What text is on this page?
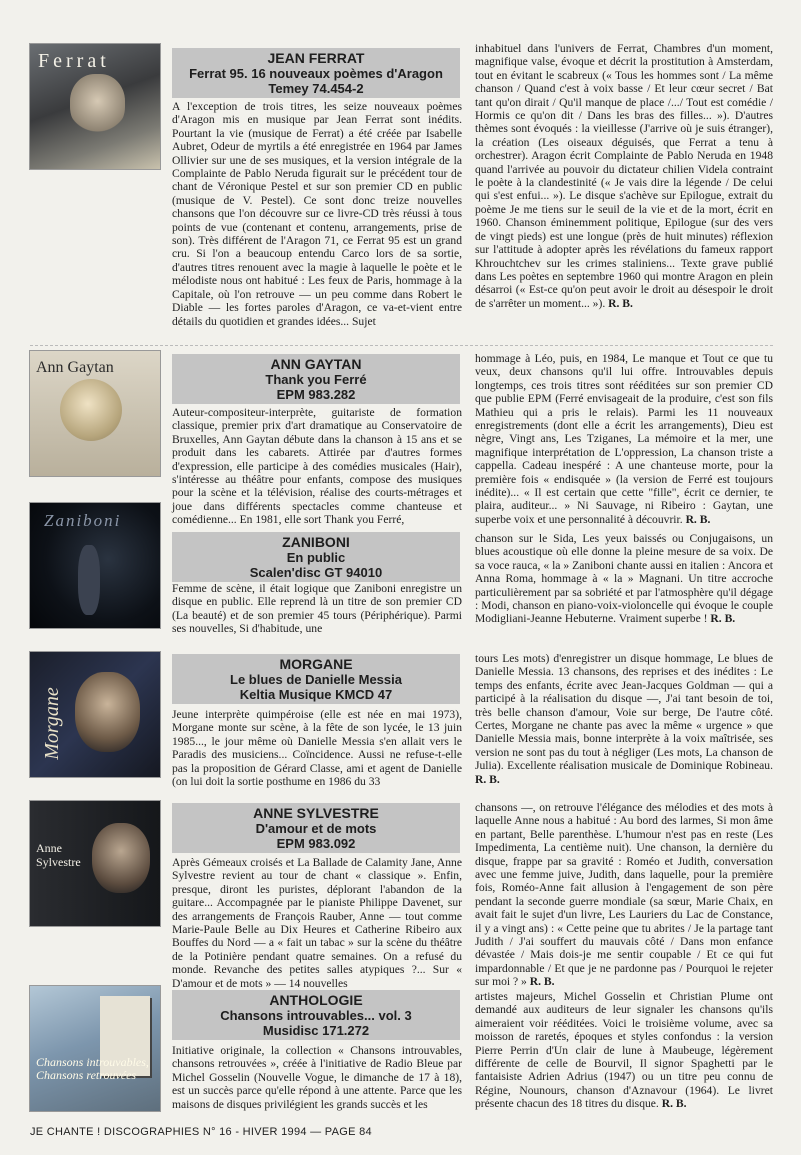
Ferrat	JEAN FERRAT
Ferrat 95. 16 nouveaux poèmes d'Aragon
Temey 74.454-2
A l'exception de trois titres, les seize nouveaux poèmes d'Aragon mis en musique par Jean Ferrat sont inédits. Pourtant la vie (musique de Ferrat) a été créée par Isabelle Aubret, Odeur de myrtils a été enregistrée en 1964 par James Ollivier sur une de ses musiques, et la version intégrale de la Complainte de Pablo Neruda figurait sur le précédent tour de chant de Véronique Pestel et sur son premier CD en public (musique de V. Pestel). Ce sont donc treize nouvelles chansons que l'on découvre sur ce livre-CD très réussi à tous points de vue (contenant et contenu, arrangements, prise de son). Très différent de l'Aragon 71, ce Ferrat 95 est un grand cru. Si l'on a beaucoup entendu Carco lors de sa sortie, d'autres titres renouent avec la magie à laquelle le poète et le mélodiste nous ont habitué : Les feux de Paris, hommage à la Capitale, où l'on retrouve — un peu comme dans Robert le Diable — les fortes paroles d'Aragon, ce va-et-vient entre détails du quotidien et grandes idées... Sujet
inhabituel dans l'univers de Ferrat, Chambres d'un moment, magnifique valse, évoque et décrit la prostitution à Amsterdam, tout en évitant le scabreux (« Tous les hommes sont / La même chanson / Quand c'est à voix basse / Et leur cœur secret / Bat tant qu'on dirait / Qu'il manque de place /.../ Tout est comédie / Hormis ce qu'on dit / Dans les bras des filles... »). D'autres thèmes sont évoqués : la vieillesse (J'arrive où je suis étranger), la création (Les oiseaux déguisés, que Ferrat a tenu à orchestrer). Aragon écrit Complainte de Pablo Neruda en 1948 quand l'arrivée au pouvoir du dictateur chilien Videla contraint le poète à la clandestinité (« Je vais dire la légende / De celui qui s'est enfui... »). Le disque s'achève sur Epilogue, extrait du poème Je me tiens sur le seuil de la vie et de la mort, écrit en 1960. Chanson éminemment politique, Epilogue (sur des vers de vingt pieds) est une longue (près de huit minutes) réflexion sur l'attitude à adopter après les révélations du fameux rapport Khrouchtchev sur les crimes staliniens... Texte grave publié dans Les poètes en septembre 1960 qui montre Aragon en plein désarroi (« Est-ce qu'on peut avoir le droit au désespoir le droit de s'arrêter un moment... »). R. B.
Ann Gaytan	ANN GAYTAN
Thank you Ferré
EPM 983.282
Auteur-compositeur-interprète, guitariste de formation classique, premier prix d'art dramatique au Conservatoire de Bruxelles, Ann Gaytan débute dans la chanson à 15 ans et se produit dans les cabarets. Attirée par d'autres formes d'expression, elle participe à des comédies musicales (Hair), s'intéresse au théâtre pour enfants, compose des musiques pour la scène et la télévision, réalise des courts-métrages et joue dans différents spectacles comme chanteuse et comédienne... En 1981, elle sort Thank you Ferré,
hommage à Léo, puis, en 1984, Le manque et Tout ce que tu veux, deux chansons qu'il lui offre. Introuvables depuis longtemps, ces trois titres sont rééditées sur son premier CD que publie EPM (Ferré envisageait de la produire, c'est son fils Mathieu qui a pris le relais). Parmi les 11 nouveaux enregistrements (dont elle a écrit les arrangements), Dieu est nègre, Vingt ans, Les Tziganes, La mémoire et la mer, une magnifique interprétation de L'oppression, La chanson triste a cappella. Cadeau inespéré : A une chanteuse morte, pour la première fois « endisquée » (la version de Ferré est toujours inédite)... « Il est certain que cette "fille", écrit ce dernier, te plaira, auditeur... » Ni Sauvage, ni Ribeiro : Gaytan, une superbe voix et une personnalité à découvrir. R. B.
Zaniboni
ZANIBONI
En public
Scalen'disc GT 94010
Femme de scène, il était logique que Zaniboni enregistre un disque en public. Elle reprend là un titre de son premier CD (La beauté) et de son premier 45 tours (Périphérique). Parmi ses nouvelles, Si d'habitude, une
chanson sur le Sida, Les yeux baissés ou Conjugaisons, un blues acoustique où elle donne la pleine mesure de sa voix. De sa voce rauca, « la » Zaniboni chante aussi en italien : Ancora et Anna Roma, hommage à « la » Magnani. Un titre accroche particulièrement par sa sobriété et par l'atmosphère qu'il dégage : Modi, chanson en piano-voix-violoncelle qui évoque le couple Modigliani-Jeanne Hebuterne. Vraiment superbe ! R. B.
Morgane
MORGANE
Le blues de Danielle Messia
Keltia Musique KMCD 47
Jeune interprète quimpéroise (elle est née en mai 1973), Morgane monte sur scène, à la fête de son lycée, le 13 juin 1985..., le jour même où Danielle Messia s'en allait vers le Paradis des musiciens... Coïncidence. Aussi ne refuse-t-elle pas la proposition de Gérard Classe, ami et agent de Danielle (on lui doit la sortie posthume en 1986 du 33
tours Les mots) d'enregistrer un disque hommage, Le blues de Danielle Messia. 13 chansons, des reprises et des inédites : Le temps des enfants, écrite avec Jean-Jacques Goldman — qui a participé à la réalisation du disque —, J'ai tant besoin de toi, très belle chanson d'amour, Voie sur berge, De l'autre côté. Certes, Morgane ne chante pas avec la même « urgence » que Danielle Messia mais, bonne interprète à la voix maîtrisée, ses version ne sont pas du tout à négliger (Les mots, La chanson de Julia). Excellente réalisation musicale de Dominique Robineau. R. B.
Anne Sylvestre
ANNE SYLVESTRE
D'amour et de mots
EPM 983.092
Après Gémeaux croisés et La Ballade de Calamity Jane, Anne Sylvestre revient au tour de chant « classique ». Enfin, presque, diront les puristes, déplorant l'abandon de la guitare... Accompagnée par le pianiste Philippe Davenet, sur des arrangements de François Rauber, Anne — tout comme Marie-Paule Belle au Dix Heures et Catherine Ribeiro aux Bouffes du Nord — a « fait un tabac » sur la scène du théâtre de la Potinière pendant quatre semaines. On a refusé du monde. Revanche des petites salles atypiques ?... Sur « D'amour et de mots » — 14 nouvelles
chansons —, on retrouve l'élégance des mélodies et des mots à laquelle Anne nous a habitué : Au bord des larmes, Si mon âme en partant, Belle parenthèse. L'humour n'est pas en reste (Les Impedimenta, La centième nuit). Une chanson, la dernière du disque, frappe par sa gravité : Roméo et Judith, conversation avec une femme juive, Judith, dans laquelle, pour la première fois, Roméo-Anne fait allusion à l'engagement de son père pendant la seconde guerre mondiale (sa sœur, Marie Chaix, en avait fait le sujet d'un livre, Les Lauriers du Lac de Constance, il y a vingt ans) : « Cette peine que tu abrites / Je la partage tant Judith / J'ai souffert du mauvais côté / Dans mon enfance dévastée / Mais dois-je me sentir coupable / Et ce qui fut impardonnable / Et que je ne pardonne pas / Pourquoi le rejeter sur moi ? » R. B.
Chansons introuvables, Chansons retrouvées
ANTHOLOGIE
Chansons introuvables... vol. 3
Musidisc 171.272
Initiative originale, la collection « Chansons introuvables, chansons retrouvées », créée à l'initiative de Radio Bleue par Michel Gosselin (Nouvelle Vogue, le dimanche de 17 à 18), est un succès parce qu'elle répond à une attente. Parce que les maisons de disques privilégient les grands succès et les
artistes majeurs, Michel Gosselin et Christian Plume ont demandé aux auditeurs de leur signaler les chansons qu'ils aimeraient voir rééditées. Voici le troisième volume, avec sa moisson de raretés, époques et styles confondus : la version Pierre Perrin d'Un clair de lune à Maubeuge, légèrement différente de celle de Bourvil, Il signor Spaghetti par le fantaisiste Adrien Adrius (1947) ou un titre peu connu de Régine, Nounours, chanson d'Aznavour (1964). Le livret présente chacun des 18 titres du disque. R. B.
JE CHANTE ! DISCOGRAPHIES N° 16 - HIVER 1994 — PAGE 84
